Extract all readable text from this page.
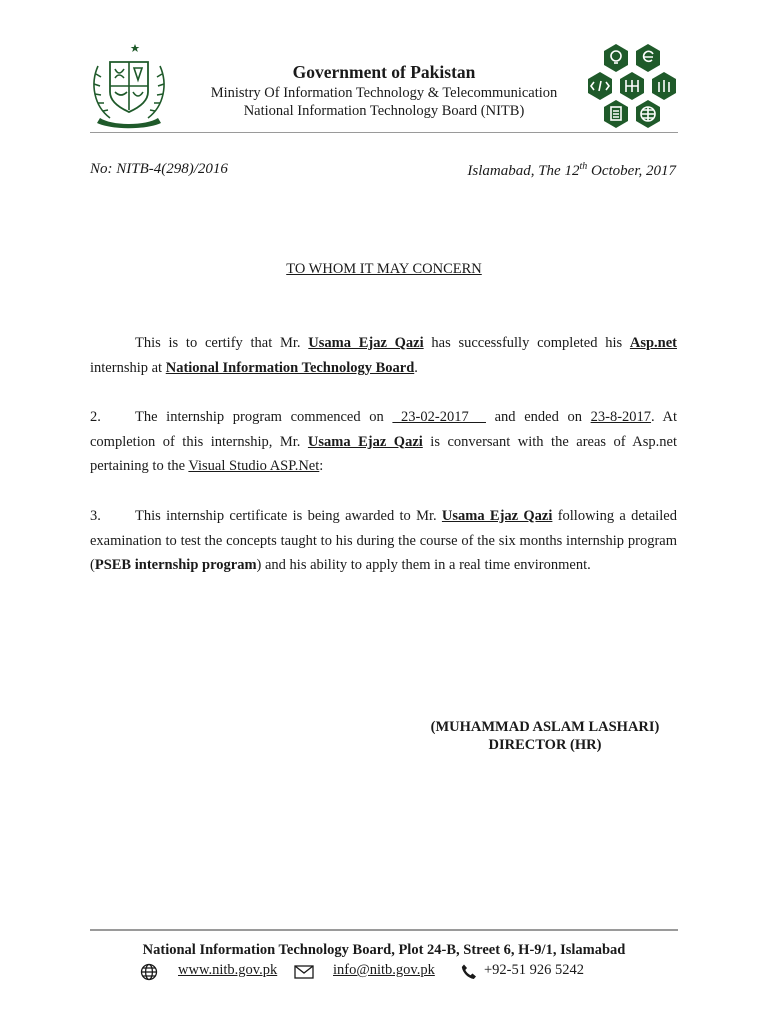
Government of Pakistan
Ministry Of Information Technology & Telecommunication
National Information Technology Board (NITB)
No: NITB-4(298)/2016	Islamabad, The 12th October, 2017
TO WHOM IT MAY CONCERN
This is to certify that Mr. Usama Ejaz Qazi has successfully completed his Asp.net internship at National Information Technology Board.
2. The internship program commenced on  23-02-2017   and ended on 23-8-2017. At completion of this internship, Mr. Usama Ejaz Qazi is conversant with the areas of Asp.net pertaining to the Visual Studio ASP.Net:
3. This internship certificate is being awarded to Mr. Usama Ejaz Qazi following a detailed examination to test the concepts taught to his during the course of the six months internship program (PSEB internship program) and his ability to apply them in a real time environment.
(MUHAMMAD ASLAM LASHARI)
DIRECTOR (HR)
National Information Technology Board, Plot 24-B, Street 6, H-9/1, Islamabad
www.nitb.gov.pk	info@nitb.gov.pk	+92-51 926 5242
